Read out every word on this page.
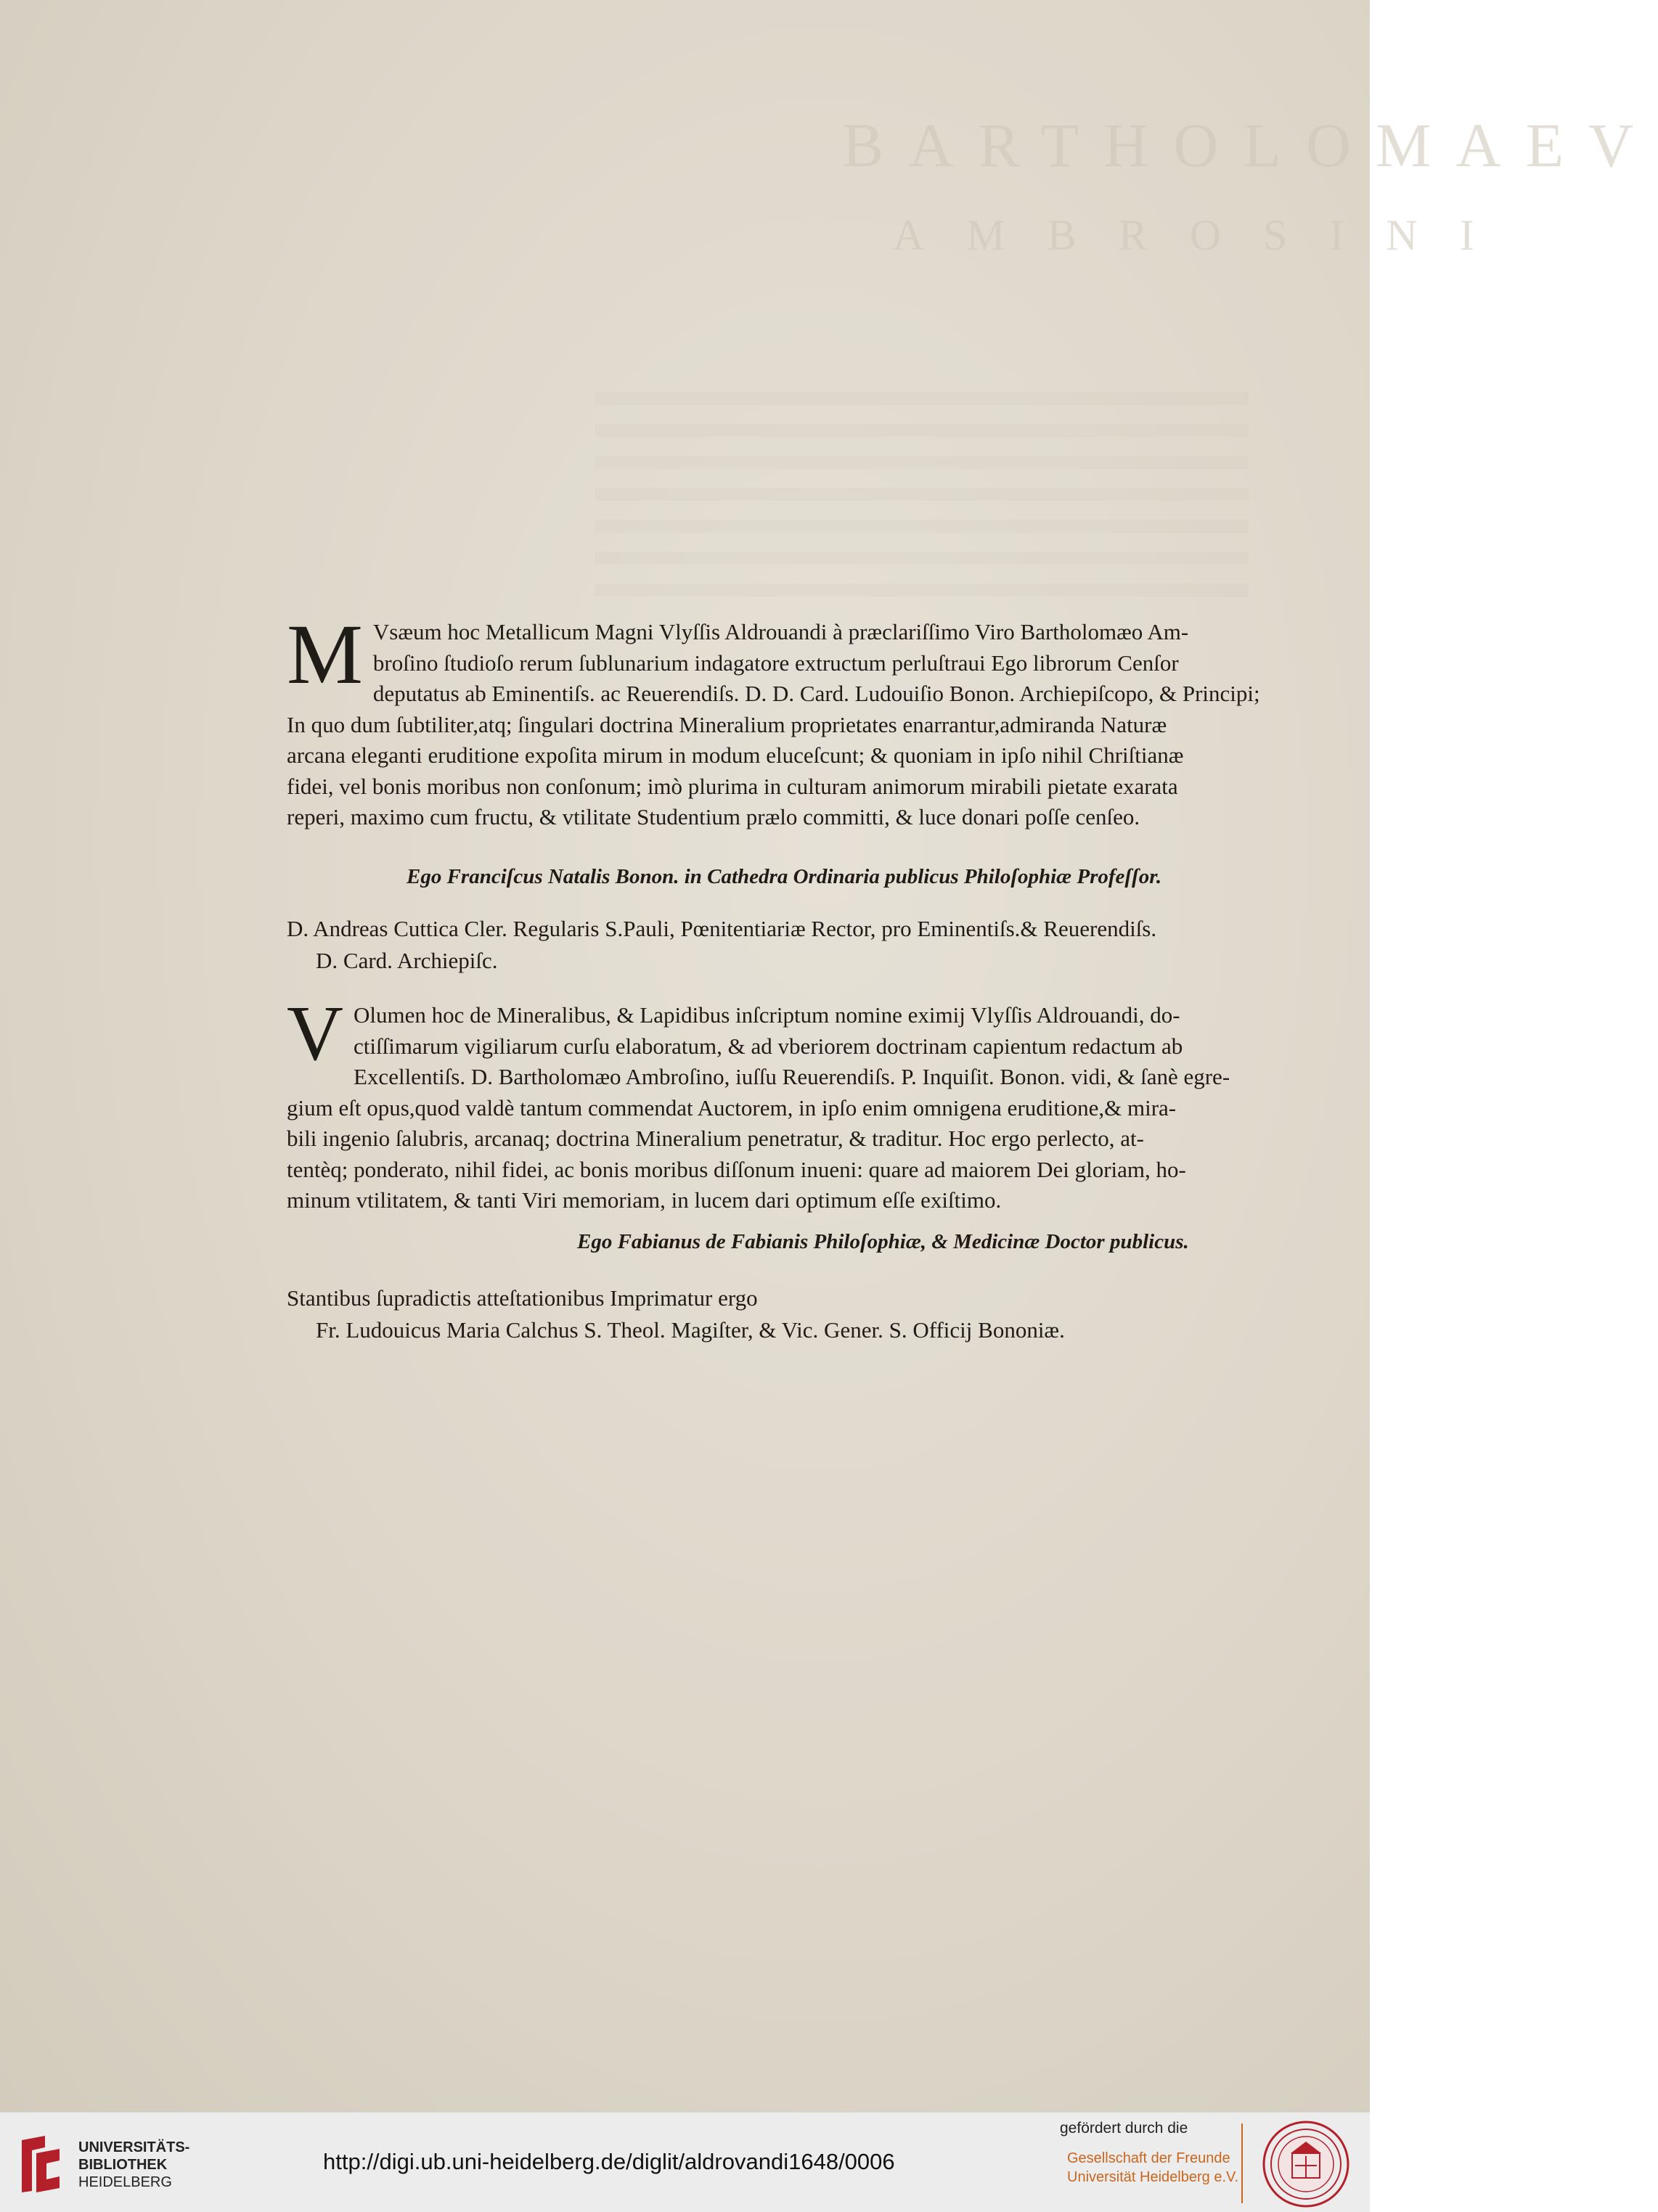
BARTHOLOMAEV
AMBROSINI
M Vsæum hoc Metallicum Magni Vlyſſis Aldrouandi à præclariſſimo Viro Bartholomæo Am-
broſino ſtudioſo rerum ſublunarium indagatore extructum perluſtraui Ego librorum Cenſor
deputatus ab Eminentiſs. ac Reuerendiſs. D. D. Card. Ludouiſio Bonon. Archiepiſcopo, & Principi;
In quo dum ſubtiliter,atq; ſingulari doctrina Mineralium proprietates enarrantur,admiranda Naturæ
arcana eleganti eruditione expoſita mirum in modum eluceſcunt; & quoniam in ipſo nihil Chriſtianæ
fidei, vel bonis moribus non conſonum; imò plurima in culturam animorum mirabili pietate exarata
reperi, maximo cum fructu, & vtilitate Studentium prælo committi, & luce donari poſſe cenſeo.
Ego Franciſcus Natalis Bonon. in Cathedra Ordinaria publicus Philoſophiæ Profeſſor.
D. Andreas Cuttica Cler. Regularis S.Pauli, Pœnitentiariæ Rector, pro Eminentiſs.& Reuerendiſs.
D. Card. Archiepiſc.
V Olumen hoc de Mineralibus, & Lapidibus inſcriptum nomine eximij Vlyſſis Aldrouandi, do-
ctiſſimarum vigiliarum curſu elaboratum, & ad vberiorem doctrinam capientum redactum ab
Excellentiſs. D. Bartholomæo Ambroſino, iuſſu Reuerendiſs. P. Inquiſit. Bonon. vidi, & ſanè egre-
gium eſt opus,quod valdè tantum commendat Auctorem, in ipſo enim omnigena eruditione,& mira-
bili ingenio ſalubris, arcanaq; doctrina Mineralium penetratur, & traditur. Hoc ergo perlecto, at-
tentèq; ponderato, nihil fidei, ac bonis moribus diſſonum inueni: quare ad maiorem Dei gloriam, ho-
minum vtilitatem, & tanti Viri memoriam, in lucem dari optimum eſſe exiſtimo.
Ego Fabianus de Fabianis Philoſophiæ, & Medicinæ Doctor publicus.
Stantibus ſupradictis atteſtationibus Imprimatur ergo
Fr. Ludouicus Maria Calchus S. Theol. Magiſter, & Vic. Gener. S. Officij Bononiæ.
UNIVERSITÄTS-
BIBLIOTHEK
HEIDELBERG
http://digi.ub.uni-heidelberg.de/diglit/aldrovandi1648/0006
gefördert durch die
Gesellschaft der Freunde
Universität Heidelberg e.V.
